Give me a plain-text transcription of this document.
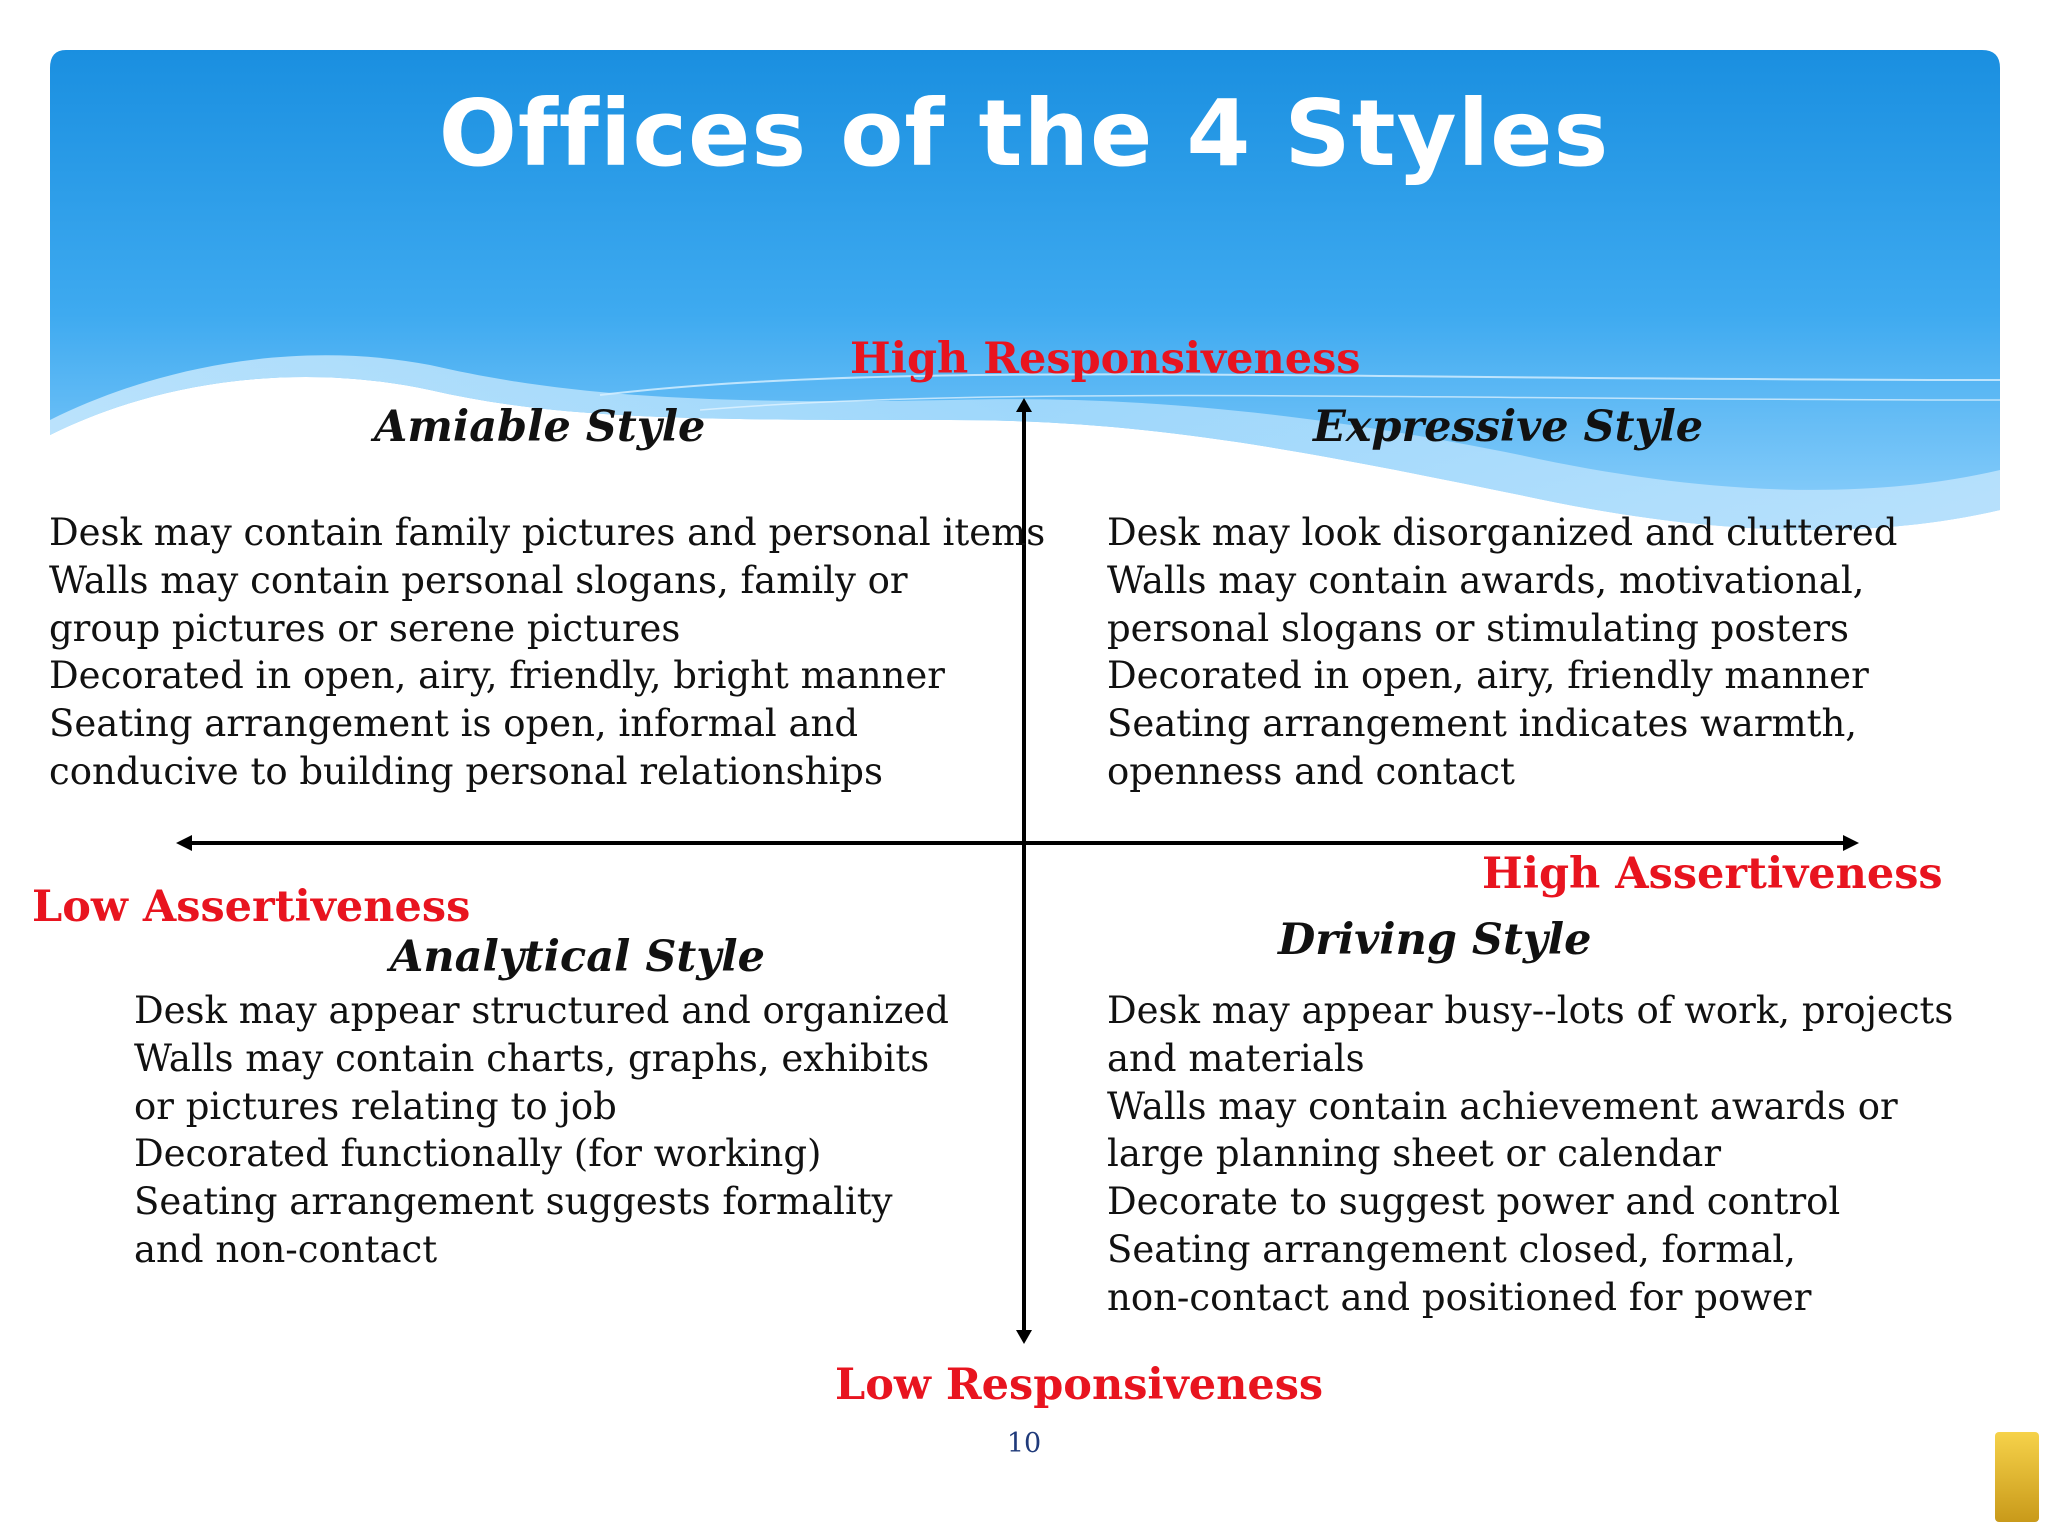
Offices of the 4 Styles
High Responsiveness
Low Responsiveness
Low Assertiveness
High Assertiveness
Amiable Style
Desk may contain family pictures and personal items
Walls may contain personal slogans, family or
group pictures or serene pictures
Decorated in open, airy, friendly, bright manner
Seating arrangement is open, informal and
conducive to building personal relationships
Expressive Style
Desk may look disorganized and cluttered
Walls may contain awards, motivational,
personal slogans or stimulating posters
Decorated in open, airy, friendly manner
Seating arrangement indicates warmth,
openness and contact
Analytical Style
Desk may appear structured and organized
Walls may contain charts, graphs, exhibits
or pictures relating to job
Decorated functionally (for working)
Seating arrangement suggests formality
and non-contact
Driving Style
Desk may appear busy--lots of work, projects
and materials
Walls may contain achievement awards or
large planning sheet or calendar
Decorate to suggest power and control
Seating arrangement closed, formal,
non-contact and positioned for power
10
